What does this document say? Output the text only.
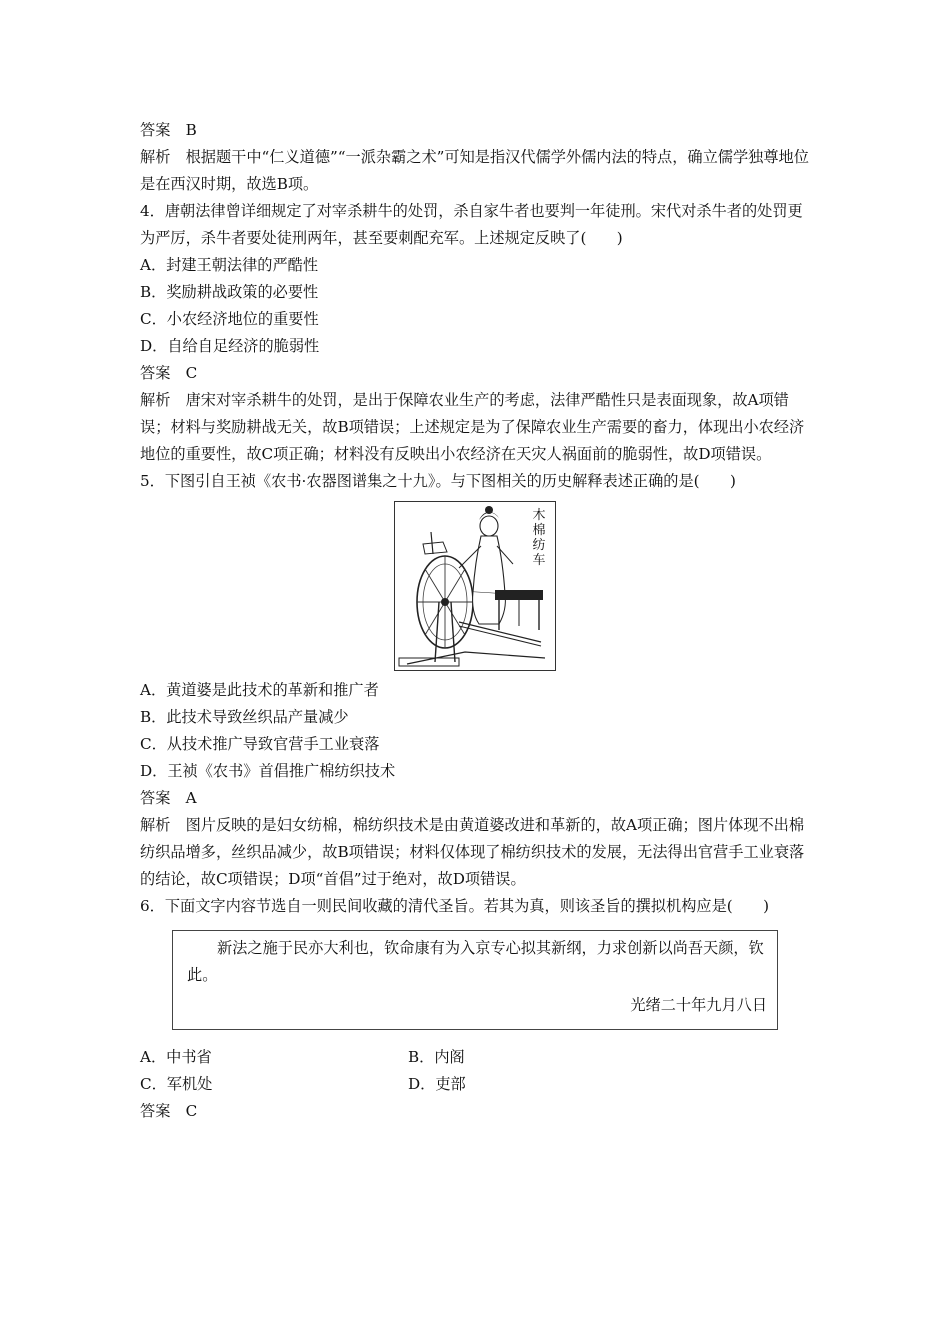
答案　B
解析　根据题干中“仁义道德”“一派杂霸之术”可知是指汉代儒学外儒内法的特点，确立儒学独尊地位是在西汉时期，故选B项。
4．唐朝法律曾详细规定了对宰杀耕牛的处罚，杀自家牛者也要判一年徒刑。宋代对杀牛者的处罚更为严厉，杀牛者要处徒刑两年，甚至要刺配充军。上述规定反映了(　　)
A．封建王朝法律的严酷性
B．奖励耕战政策的必要性
C．小农经济地位的重要性
D．自给自足经济的脆弱性
答案　C
解析　唐宋对宰杀耕牛的处罚，是出于保障农业生产的考虑，法律严酷性只是表面现象，故A项错误；材料与奖励耕战无关，故B项错误；上述规定是为了保障农业生产需要的畜力，体现出小农经济地位的重要性，故C项正确；材料没有反映出小农经济在天灾人祸面前的脆弱性，故D项错误。
5．下图引自王祯《农书·农器图谱集之十九》。与下图相关的历史解释表述正确的是(　　)
木棉纺车
A．黄道婆是此技术的革新和推广者
B．此技术导致丝织品产量减少
C．从技术推广导致官营手工业衰落
D．王祯《农书》首倡推广棉纺织技术
答案　A
解析　图片反映的是妇女纺棉，棉纺织技术是由黄道婆改进和革新的，故A项正确；图片体现不出棉纺织品增多，丝织品减少，故B项错误；材料仅体现了棉纺织技术的发展，无法得出官营手工业衰落的结论，故C项错误；D项“首倡”过于绝对，故D项错误。
6．下面文字内容节选自一则民间收藏的清代圣旨。若其为真，则该圣旨的撰拟机构应是(　　)
新法之施于民亦大利也，钦命康有为入京专心拟其新纲，力求创新以尚吾天颜，钦此。
光绪二十年九月八日
A．中书省	B．内阁
C．军机处	D．吏部
答案　C
